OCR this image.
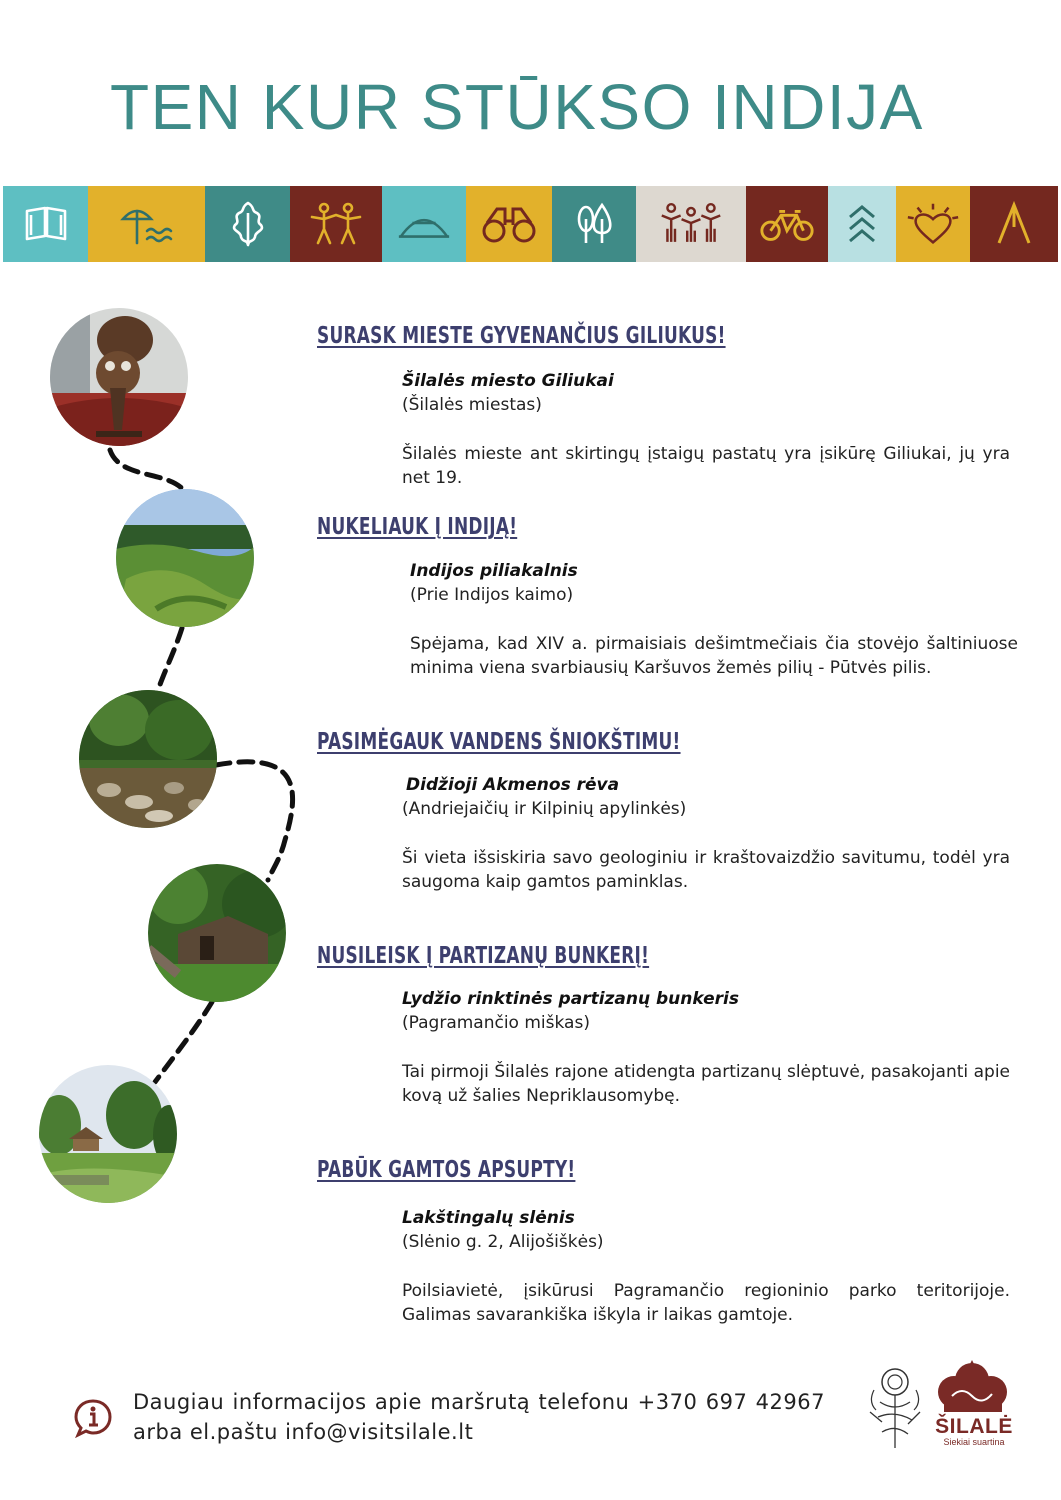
TEN KUR STŪKSO INDIJA
SURASK MIESTE GYVENANČIUS GILIUKUS!
Šilalės miesto Giliukai
(Šilalės miestas)
Šilalės mieste ant skirtingų įstaigų pastatų yra įsikūrę Giliukai, jų yra net 19.
NUKELIAUK Į INDIJĄ!
Indijos piliakalnis
(Prie Indijos kaimo)
Spėjama, kad XIV a. pirmaisiais dešimtmečiais čia stovėjo šaltiniuose minima viena svarbiausių Karšuvos žemės pilių - Pūtvės pilis.
PASIMĖGAUK VANDENS ŠNIOKŠTIMU!
Didžioji Akmenos rėva
(Andriejaičių ir Kilpinių apylinkės)
Ši vieta išsiskiria savo geologiniu ir kraštovaizdžio savitumu, todėl yra saugoma kaip gamtos paminklas.
NUSILEISK Į PARTIZANŲ BUNKERĮ!
Lydžio rinktinės partizanų bunkeris
(Pagramančio miškas)
Tai pirmoji Šilalės rajone atidengta partizanų slėptuvė, pasakojanti apie kovą už šalies Nepriklausomybę.
PABŪK GAMTOS APSUPTY!
Lakštingalų slėnis
(Slėnio g. 2, Alijošiškės)
Poilsiavietė, įsikūrusi Pagramančio regioninio parko teritorijoje. Galimas savarankiška iškyla ir laikas gamtoje.
Daugiau informacijos apie maršrutą telefonu +370 697 42967
arba el.paštu info@visitsilale.lt	ŠILALĖ
Siekiai suartina
